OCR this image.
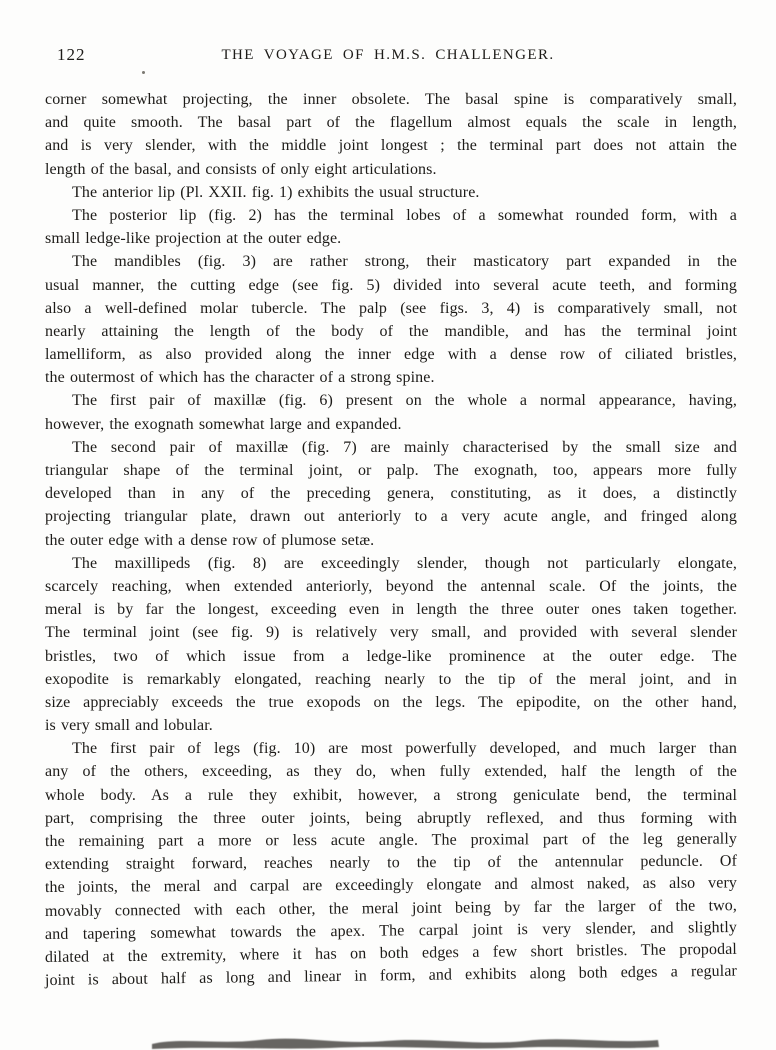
122	THE VOYAGE OF H.M.S. CHALLENGER.
corner somewhat projecting, the inner obsolete. The basal spine is comparatively small,
and quite smooth. The basal part of the flagellum almost equals the scale in length,
and is very slender, with the middle joint longest ; the terminal part does not attain the
length of the basal, and consists of only eight articulations.
The anterior lip (Pl. XXII. fig. 1) exhibits the usual structure.
The posterior lip (fig. 2) has the terminal lobes of a somewhat rounded form, with a
small ledge-like projection at the outer edge.
The mandibles (fig. 3) are rather strong, their masticatory part expanded in the
usual manner, the cutting edge (see fig. 5) divided into several acute teeth, and forming
also a well-defined molar tubercle. The palp (see figs. 3, 4) is comparatively small, not
nearly attaining the length of the body of the mandible, and has the terminal joint
lamelliform, as also provided along the inner edge with a dense row of ciliated bristles,
the outermost of which has the character of a strong spine.
The first pair of maxillæ (fig. 6) present on the whole a normal appearance, having,
however, the exognath somewhat large and expanded.
The second pair of maxillæ (fig. 7) are mainly characterised by the small size and
triangular shape of the terminal joint, or palp. The exognath, too, appears more fully
developed than in any of the preceding genera, constituting, as it does, a distinctly
projecting triangular plate, drawn out anteriorly to a very acute angle, and fringed along
the outer edge with a dense row of plumose setæ.
The maxillipeds (fig. 8) are exceedingly slender, though not particularly elongate,
scarcely reaching, when extended anteriorly, beyond the antennal scale. Of the joints, the
meral is by far the longest, exceeding even in length the three outer ones taken together.
The terminal joint (see fig. 9) is relatively very small, and provided with several slender
bristles, two of which issue from a ledge-like prominence at the outer edge. The
exopodite is remarkably elongated, reaching nearly to the tip of the meral joint, and in
size appreciably exceeds the true exopods on the legs. The epipodite, on the other hand,
is very small and lobular.
The first pair of legs (fig. 10) are most powerfully developed, and much larger than
any of the others, exceeding, as they do, when fully extended, half the length of the
whole body. As a rule they exhibit, however, a strong geniculate bend, the terminal
part, comprising the three outer joints, being abruptly reflexed, and thus forming with
the remaining part a more or less acute angle. The proximal part of the leg generally
extending straight forward, reaches nearly to the tip of the antennular peduncle. Of
the joints, the meral and carpal are exceedingly elongate and almost naked, as also very
movably connected with each other, the meral joint being by far the larger of the two,
and tapering somewhat towards the apex. The carpal joint is very slender, and slightly
dilated at the extremity, where it has on both edges a few short bristles. The propodal
joint is about half as long and linear in form, and exhibits along both edges a regular
